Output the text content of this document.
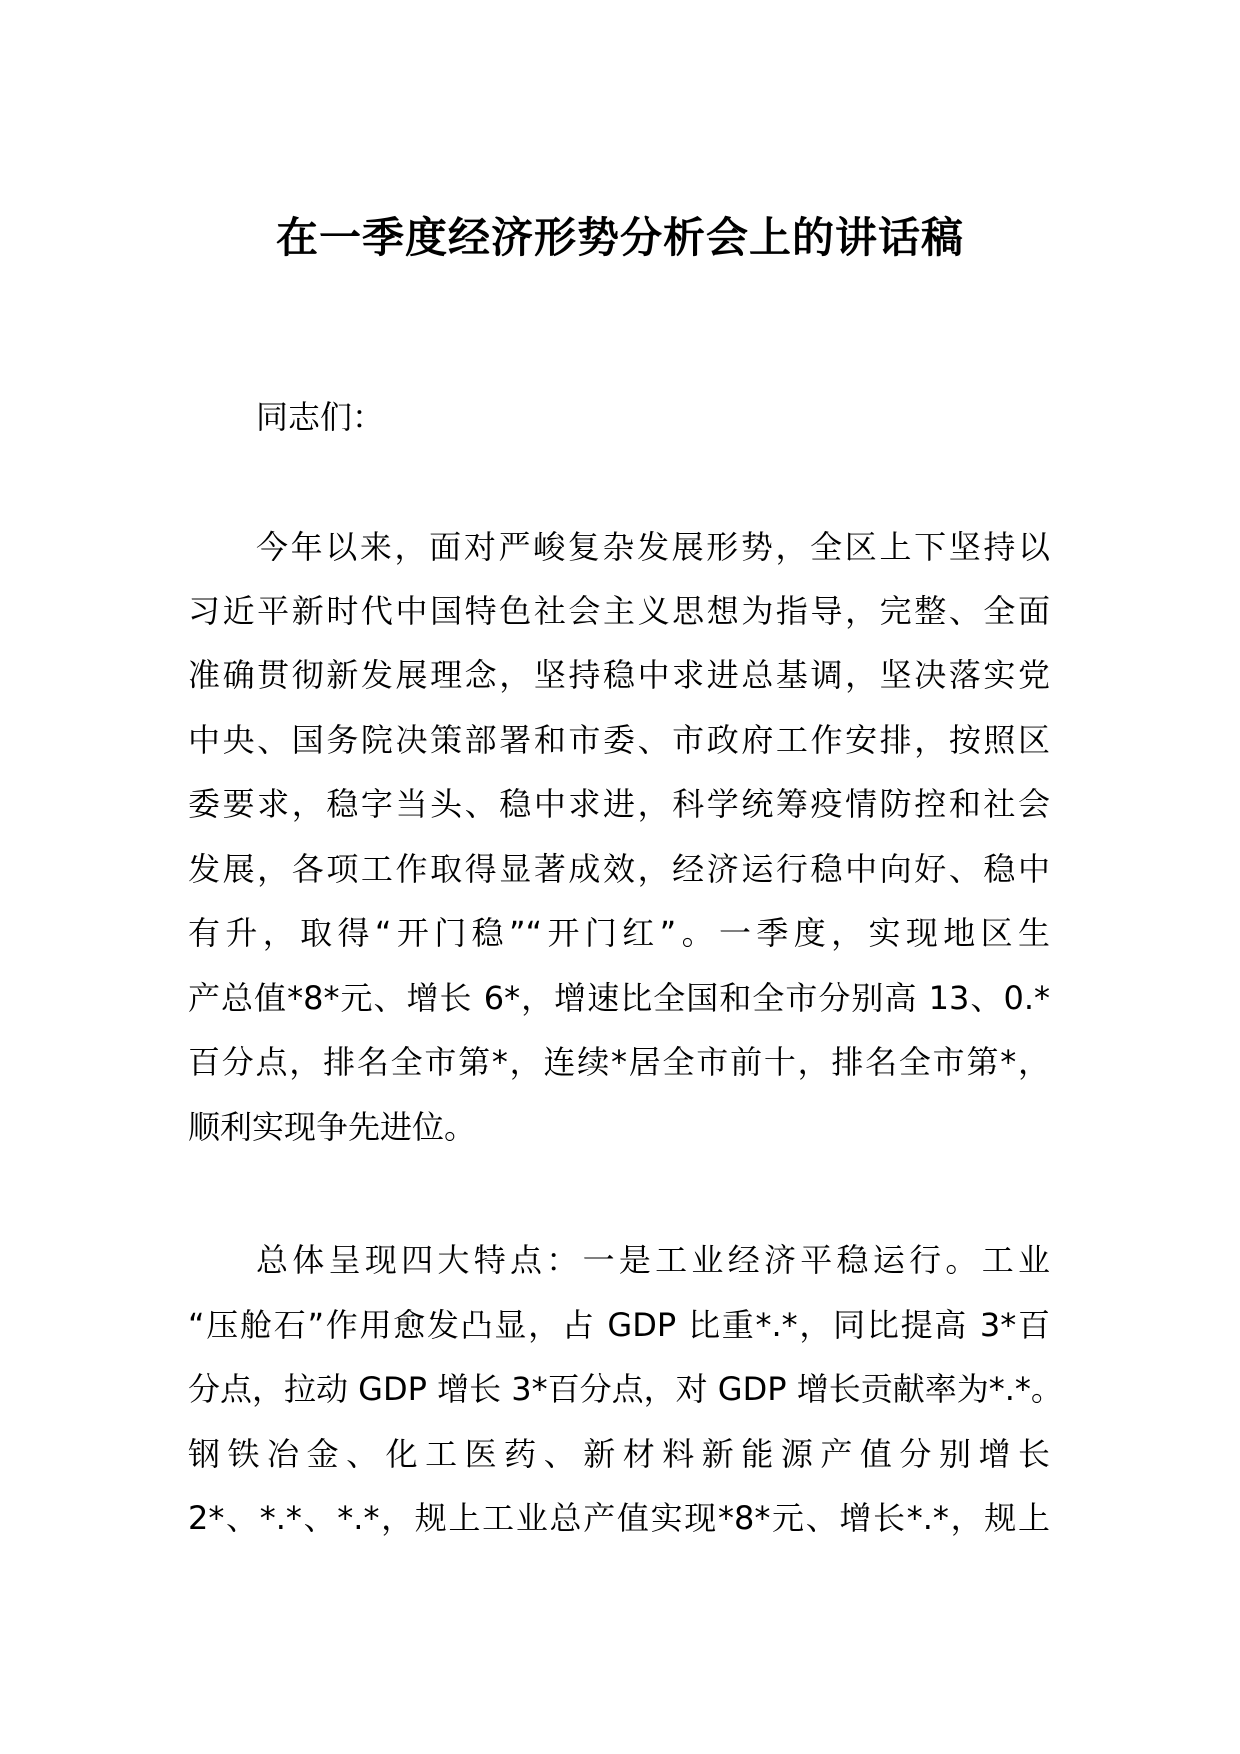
在一季度经济形势分析会上的讲话稿
同志们：
今年以来，面对严峻复杂发展形势，全区上下坚持以
习近平新时代中国特色社会主义思想为指导，完整、全面
准确贯彻新发展理念，坚持稳中求进总基调，坚决落实党
中央、国务院决策部署和市委、市政府工作安排，按照区
委要求，稳字当头、稳中求进，科学统筹疫情防控和社会
发展，各项工作取得显著成效，经济运行稳中向好、稳中
有升，取得“开门稳”“开门红”。一季度，实现地区生
产总值*8*元、增长 6*，增速比全国和全市分别高 13、0.*
百分点，排名全市第*，连续*居全市前十，排名全市第*，
顺利实现争先进位。
总体呈现四大特点：一是工业经济平稳运行。工业
“压舱石”作用愈发凸显，占 GDP 比重*.*，同比提高 3*百
分点，拉动 GDP 增长 3*百分点，对 GDP 增长贡献率为*.*。
钢铁冶金、化工医药、新材料新能源产值分别增长
2*、*.*、*.*，规上工业总产值实现*8*元、增长*.*，规上
